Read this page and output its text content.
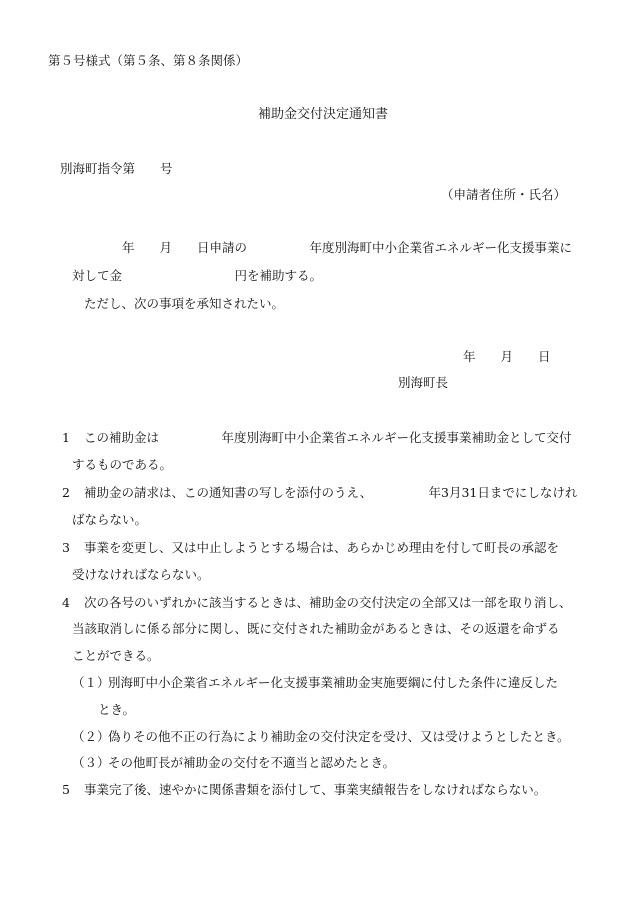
第５号様式（第５条、第８条関係）
補助金交付決定通知書
別海町指令第　　号
（申請者住所・氏名）
年　　月　　日申請の　　　　　年度別海町中小企業省エネルギー化支援事業に
対して金　　　　　　　　　円を補助する。
ただし、次の事項を承知されたい。
年　　月　　日
別海町長
1 この補助金は　　　　　年度別海町中小企業省エネルギー化支援事業補助金として交付
するものである。
2 補助金の請求は、この通知書の写しを添付のうえ、　　　　　年3月31日までにしなけれ
ばならない。
3 事業を変更し、又は中止しようとする場合は、あらかじめ理由を付して町長の承認を
受けなければならない。
4 次の各号のいずれかに該当するときは、補助金の交付決定の全部又は一部を取り消し、
当該取消しに係る部分に関し、既に交付された補助金があるときは、その返還を命ずる
ことができる。
（１）
別海町中小企業省エネルギー化支援事業補助金実施要綱に付した条件に違反した
とき。
（２）
偽りその他不正の行為により補助金の交付決定を受け、又は受けようとしたとき。
（３）
その他町長が補助金の交付を不適当と認めたとき。
5 事業完了後、速やかに関係書類を添付して、事業実績報告をしなければならない。
